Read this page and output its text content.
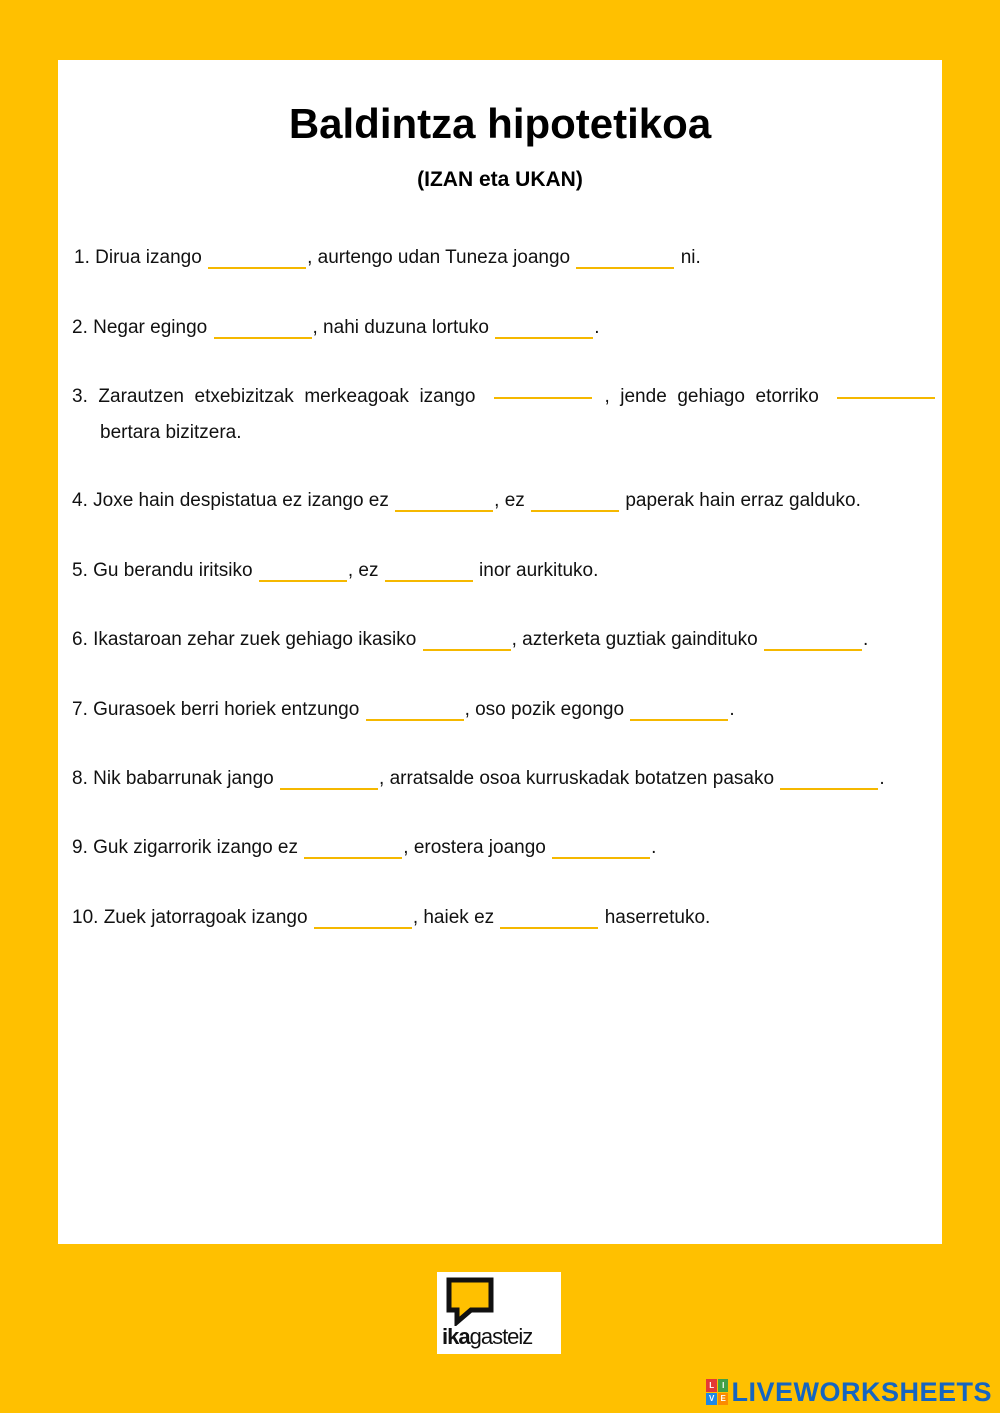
Baldintza hipotetikoa
(IZAN eta UKAN)
1. Dirua izango	, aurtengo udan Tuneza joango	ni.
2. Negar egingo	, nahi duzuna lortuko	.
3.  Zarautzen  etxebizitzak  merkeagoak  izango	,  jende  gehiago  etorriko
bertara bizitzera.
4. Joxe hain despistatua ez izango ez	, ez	paperak hain erraz galduko.
5. Gu berandu iritsiko	, ez	inor aurkituko.
6. Ikastaroan zehar zuek gehiago ikasiko	, azterketa guztiak gaindituko	.
7. Gurasoek berri horiek entzungo	, oso pozik egongo	.
8. Nik babarrunak jango	, arratsalde osoa kurruskadak botatzen pasako	.
9. Guk zigarrorik izango ez	, erostera joango	.
10. Zuek jatorragoak izango	, haiek ez	haserretuko.
ikagasteiz
L I
V E LIVEWORKSHEETS
